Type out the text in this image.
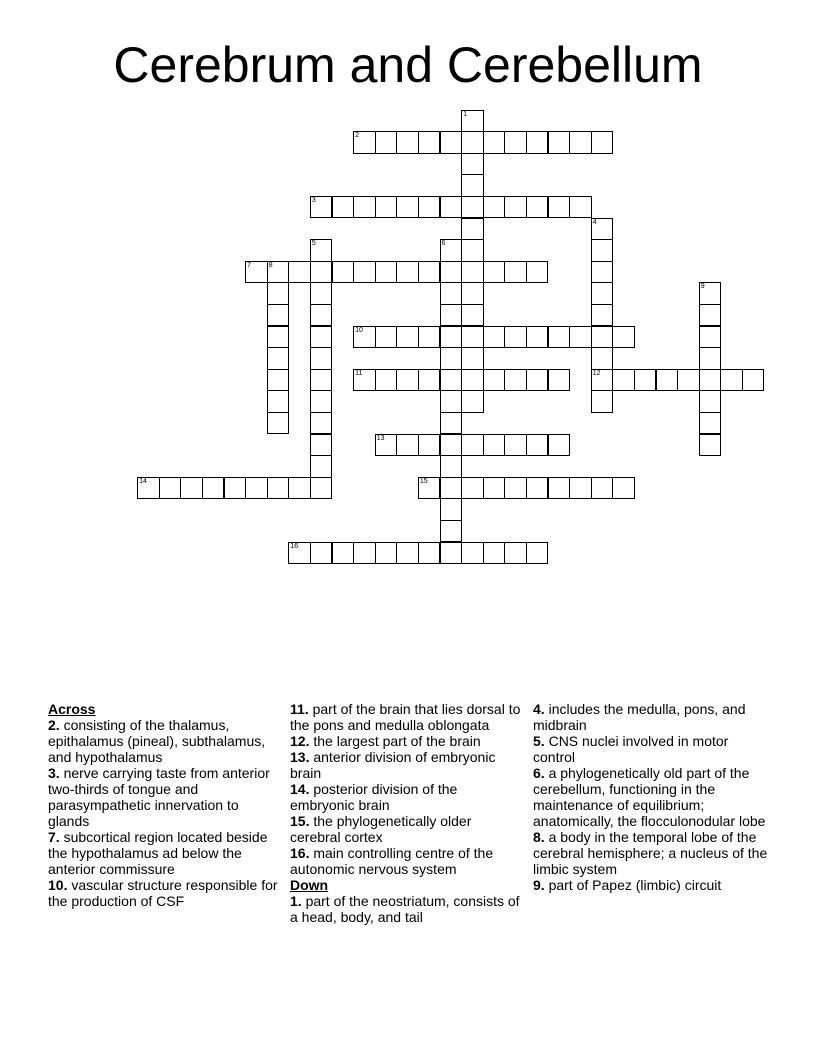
Cerebrum and Cerebellum
1
2
3
4
12
5	6
7	8
9
10
11
13
14	15
16
Across
2. consisting of the thalamus, epithalamus (pineal), subthalamus, and hypothalamus
3. nerve carrying taste from anterior two-thirds of tongue and parasympathetic innervation to glands
7. subcortical region located beside the hypothalamus ad below the anterior commissure
10. vascular structure responsible for the production of CSF
11. part of the brain that lies dorsal to the pons and medulla oblongata
12. the largest part of the brain
13. anterior division of embryonic brain
14. posterior division of the embryonic brain
15. the phylogenetically older cerebral cortex
16. main controlling centre of the autonomic nervous system
Down
1. part of the neostriatum, consists of a head, body, and tail
4. includes the medulla, pons, and midbrain
5. CNS nuclei involved in motor control
6. a phylogenetically old part of the cerebellum, functioning in the maintenance of equilibrium; anatomically, the flocculonodular lobe
8. a body in the temporal lobe of the cerebral hemisphere; a nucleus of the limbic system
9. part of Papez (limbic) circuit
